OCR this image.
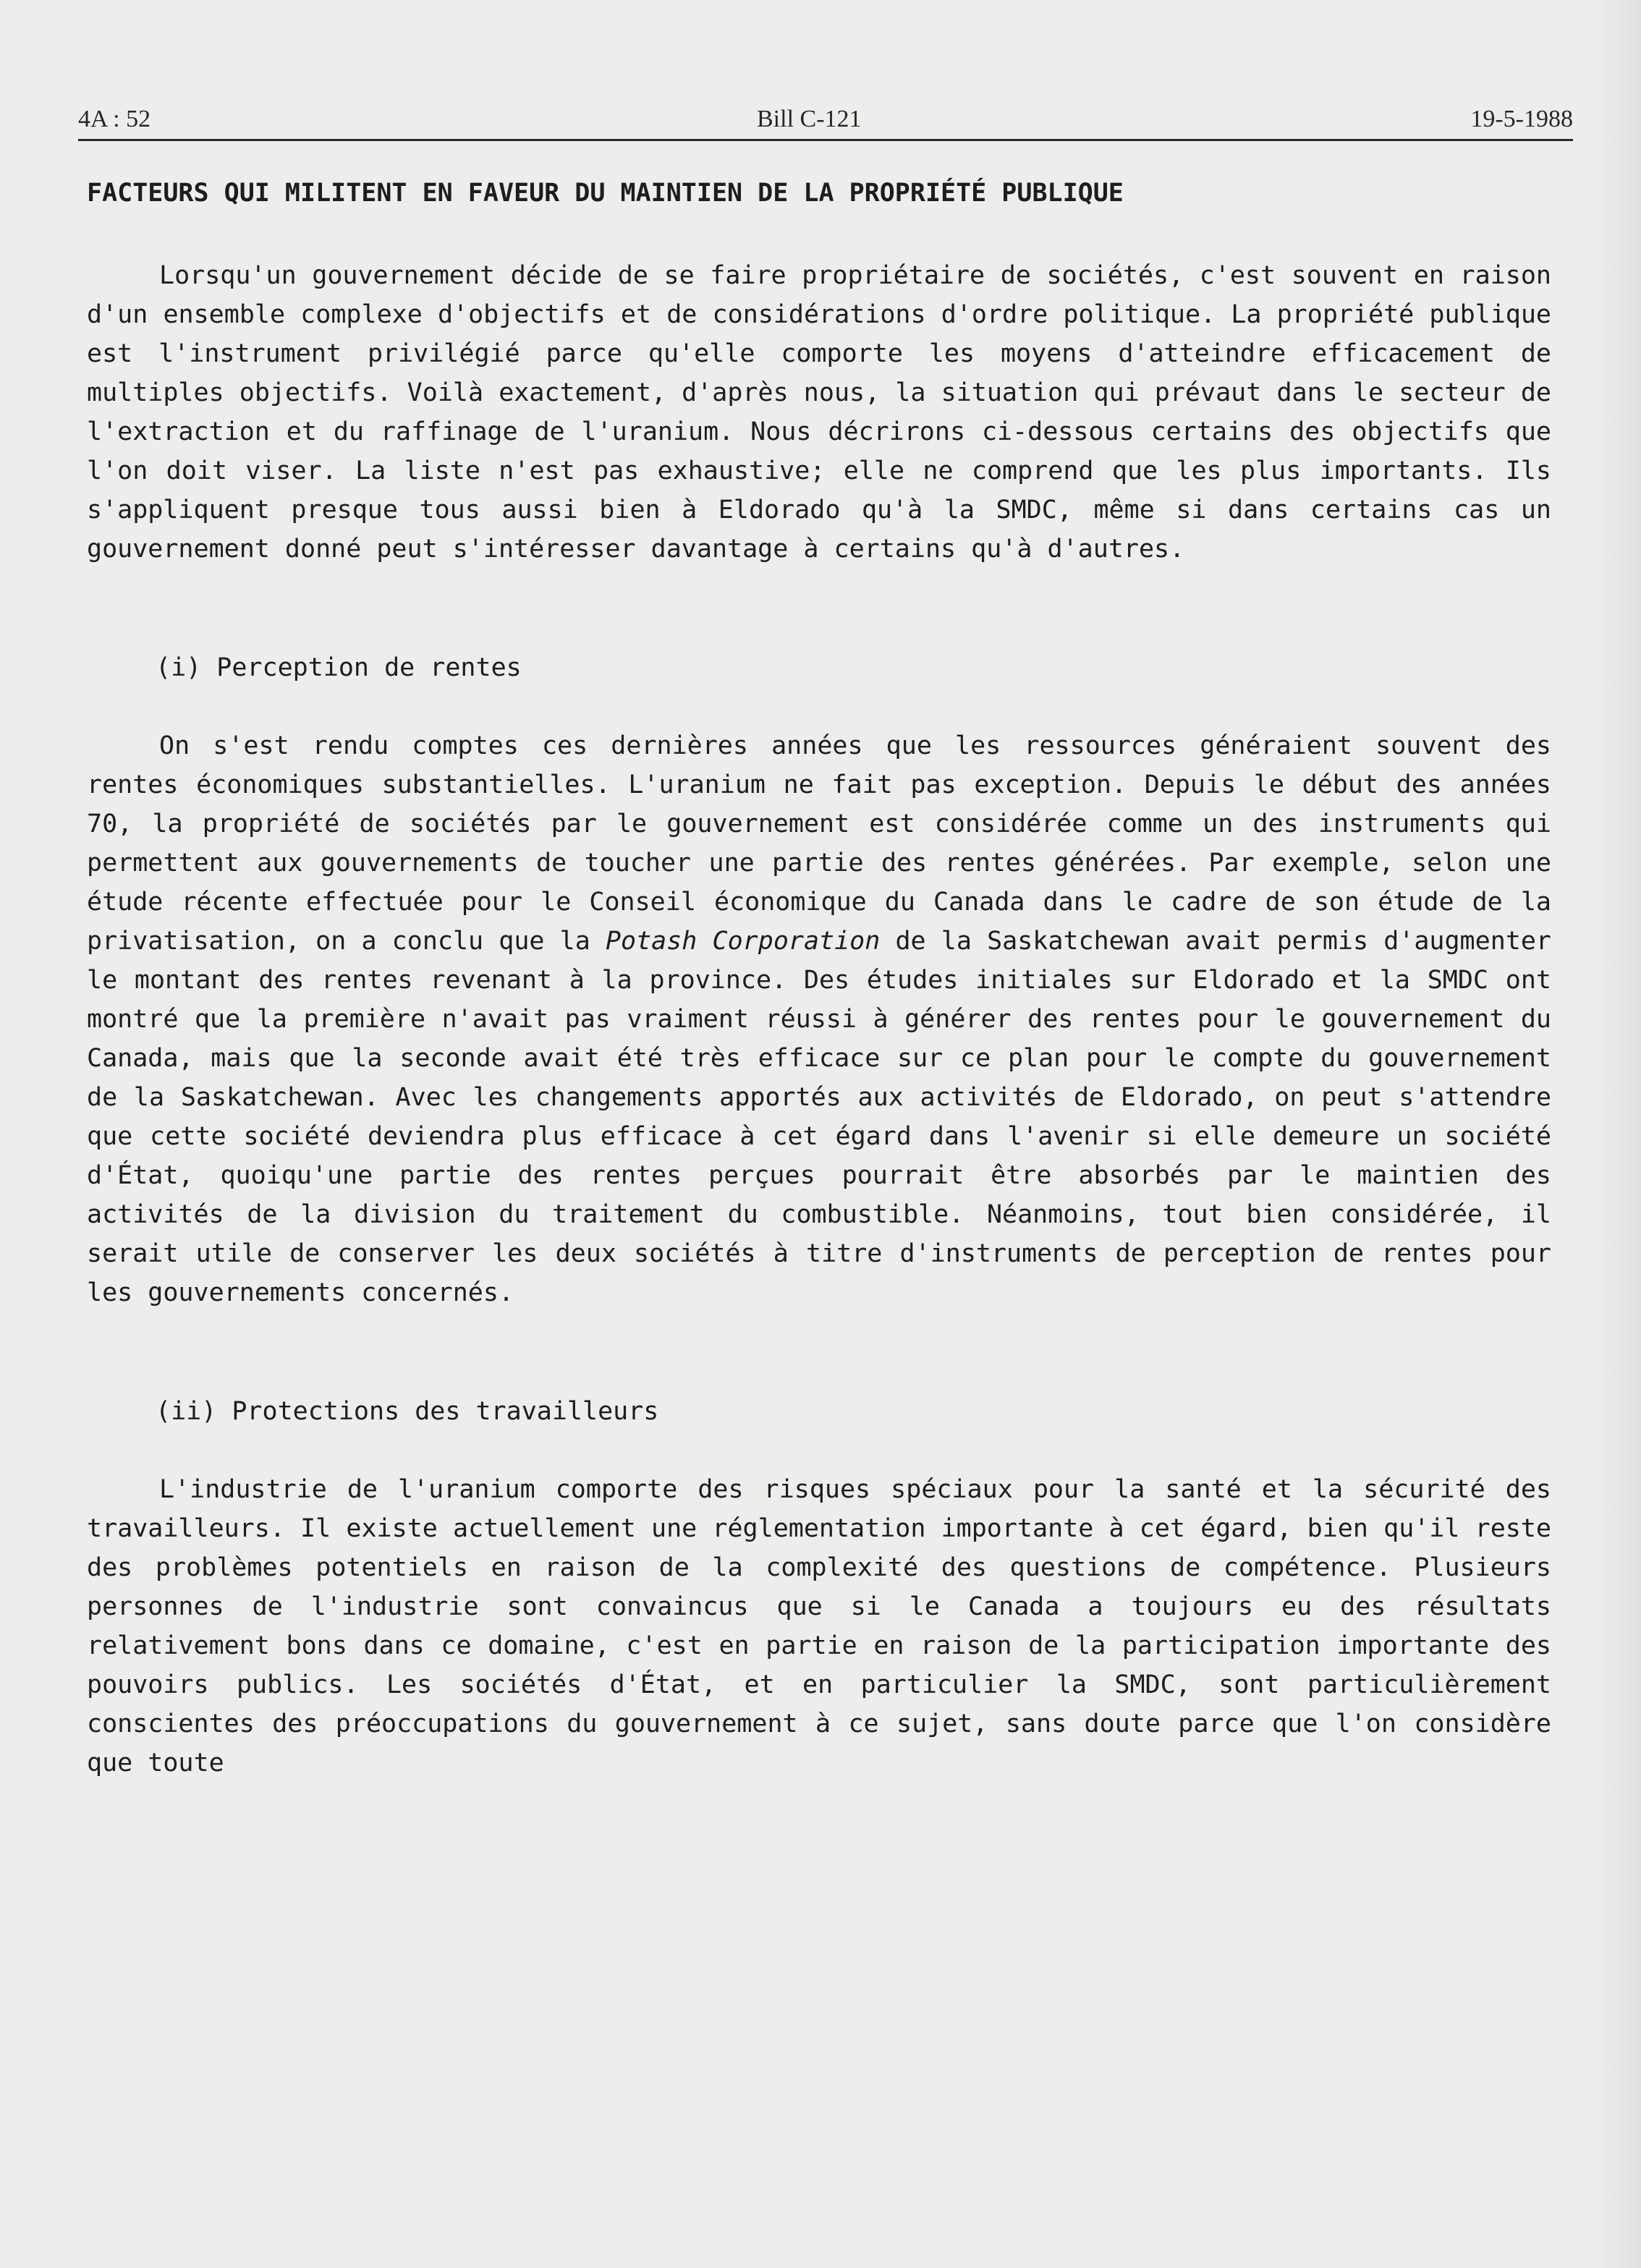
4A : 52	Bill C-121	19-5-1988

FACTEURS QUI MILITENT EN FAVEUR DU MAINTIEN DE LA PROPRIÉTÉ PUBLIQUE

Lorsqu'un gouvernement décide de se faire propriétaire de sociétés, c'est souvent en raison d'un ensemble complexe d'objectifs et de considérations d'ordre politique. La propriété publique est l'instrument privilégié parce qu'elle comporte les moyens d'atteindre efficacement de multiples objectifs. Voilà exactement, d'après nous, la situation qui prévaut dans le secteur de l'extraction et du raffinage de l'uranium. Nous décrirons ci-dessous certains des objectifs que l'on doit viser. La liste n'est pas exhaustive; elle ne comprend que les plus importants. Ils s'appliquent presque tous aussi bien à Eldorado qu'à la SMDC, même si dans certains cas un gouvernement donné peut s'intéresser davantage à certains qu'à d'autres.

(i) Perception de rentes

On s'est rendu comptes ces dernières années que les ressources généraient souvent des rentes économiques substantielles. L'uranium ne fait pas exception. Depuis le début des années 70, la propriété de sociétés par le gouvernement est considérée comme un des instruments qui permettent aux gouvernements de toucher une partie des rentes générées. Par exemple, selon une étude récente effectuée pour le Conseil économique du Canada dans le cadre de son étude de la privatisation, on a conclu que la Potash Corporation de la Saskatchewan avait permis d'augmenter le montant des rentes revenant à la province. Des études initiales sur Eldorado et la SMDC ont montré que la première n'avait pas vraiment réussi à générer des rentes pour le gouvernement du Canada, mais que la seconde avait été très efficace sur ce plan pour le compte du gouvernement de la Saskatchewan. Avec les changements apportés aux activités de Eldorado, on peut s'attendre que cette société deviendra plus efficace à cet égard dans l'avenir si elle demeure un société d'État, quoiqu'une partie des rentes perçues pourrait être absorbés par le maintien des activités de la division du traitement du combustible. Néanmoins, tout bien considérée, il serait utile de conserver les deux sociétés à titre d'instruments de perception de rentes pour les gouvernements concernés.

(ii) Protections des travailleurs

L'industrie de l'uranium comporte des risques spéciaux pour la santé et la sécurité des travailleurs. Il existe actuellement une réglementation importante à cet égard, bien qu'il reste des problèmes potentiels en raison de la complexité des questions de compétence. Plusieurs personnes de l'industrie sont convaincus que si le Canada a toujours eu des résultats relativement bons dans ce domaine, c'est en partie en raison de la participation importante des pouvoirs publics. Les sociétés d'État, et en particulier la SMDC, sont particulièrement conscientes des préoccupations du gouvernement à ce sujet, sans doute parce que l'on considère que toute
